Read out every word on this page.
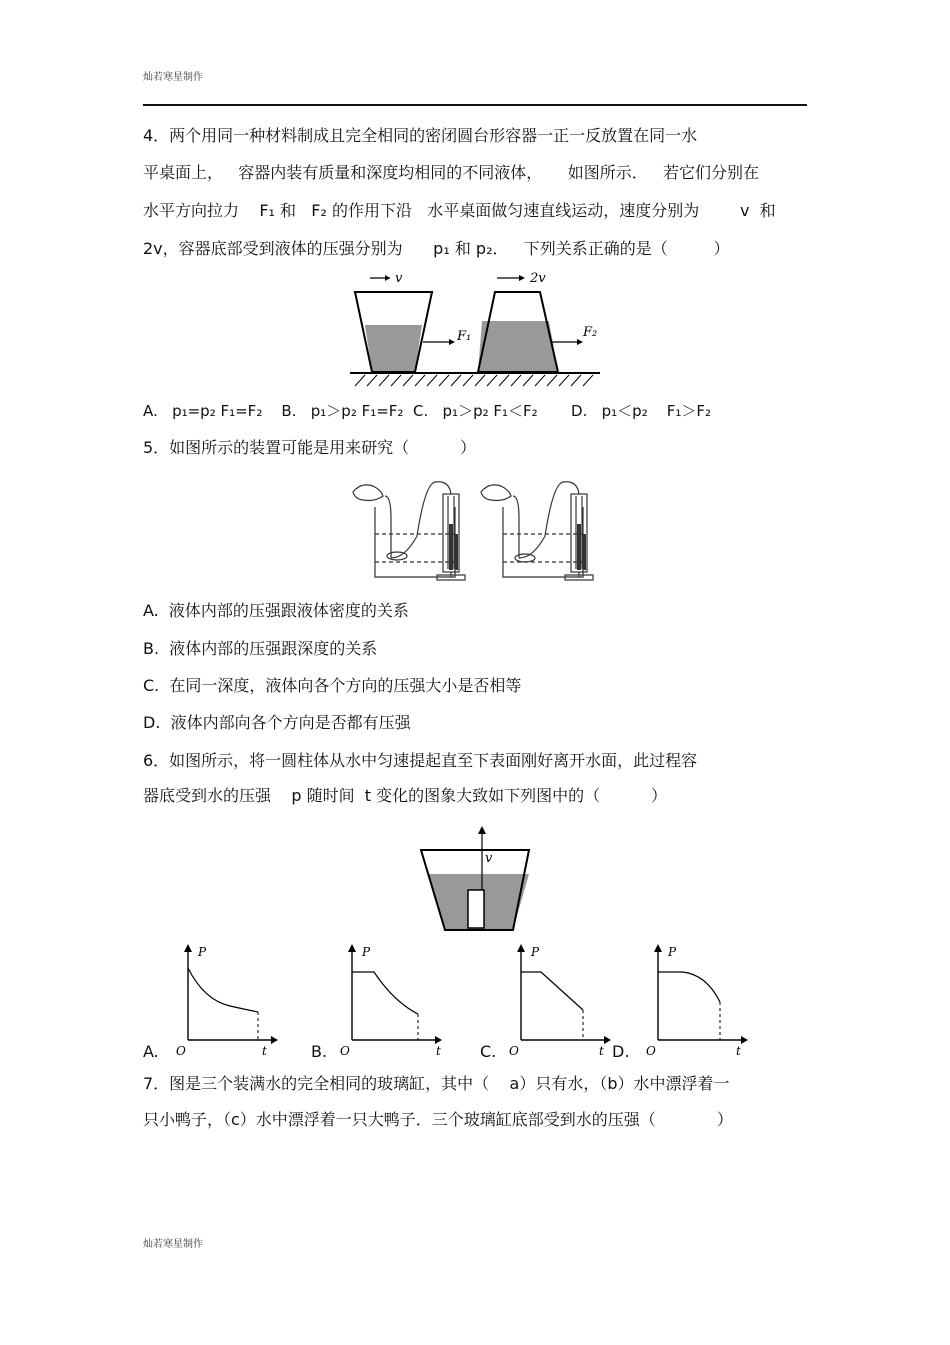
灿若寒星制作
4．两个用同一种材料制成且完全相同的密闭圆台形容器一正一反放置在同一水
平桌面上，   容器内装有质量和深度均相同的不同液体，     如图所示．   若它们分别在
水平方向拉力    F₁ 和   F₂ 的作用下沿   水平桌面做匀速直线运动，速度分别为        v  和
2v，容器底部受到液体的压强分别为      p₁ 和 p₂．   下列关系正确的是（         ）
v
F₁
2v
F₂
A.   p₁=p₂ F₁=F₂    B.   p₁＞p₂ F₁=F₂  C.   p₁＞p₂ F₁＜F₂       D.   p₁＜p₂    F₁＞F₂
5．如图所示的装置可能是用来研究（          ）
A.  液体内部的压强跟液体密度的关系
B.  液体内部的压强跟深度的关系
C.  在同一深度，液体向各个方向的压强大小是否相等
D.  液体内部向各个方向是否都有压强
6．如图所示，将一圆柱体从水中匀速提起直至下表面刚好离开水面，此过程容
器底受到水的压强    p 随时间  t 变化的图象大致如下列图中的（          ）
v
A.
P
O	t	B.
P
O	t C.
P
O	t D.
P
O	t
7．图是三个装满水的完全相同的玻璃缸，其中（    a）只有水，（b）水中漂浮着一
只小鸭子，（c）水中漂浮着一只大鸭子．三个玻璃缸底部受到水的压强（            ）
灿若寒星制作
